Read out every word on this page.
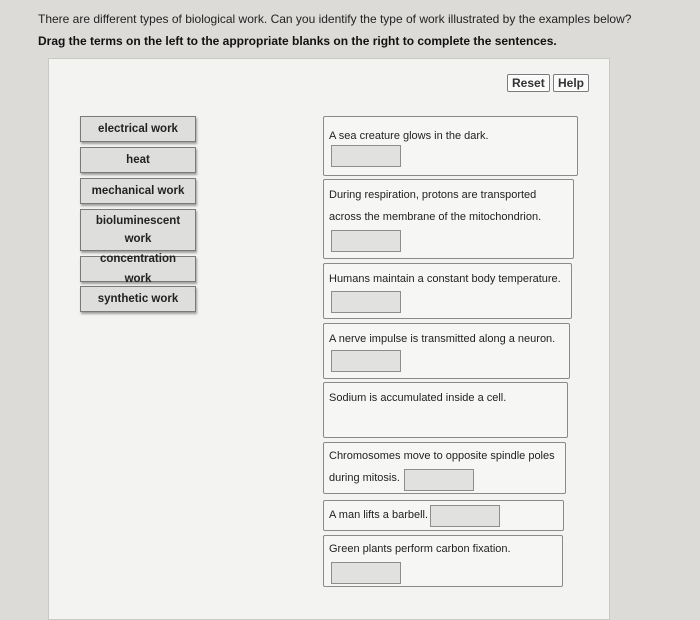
There are different types of biological work. Can you identify the type of work illustrated by the examples below?
Drag the terms on the left to the appropriate blanks on the right to complete the sentences.
Reset	Help
electrical work
heat
mechanical work
bioluminescent work
concentration work
synthetic work
A sea creature glows in the dark.
During respiration, protons are transported
across the membrane of the mitochondrion.
Humans maintain a constant body temperature.
A nerve impulse is transmitted along a neuron.
Sodium is accumulated inside a cell.
Chromosomes move to opposite spindle poles
during mitosis.
A man lifts a barbell.
Green plants perform carbon fixation.
